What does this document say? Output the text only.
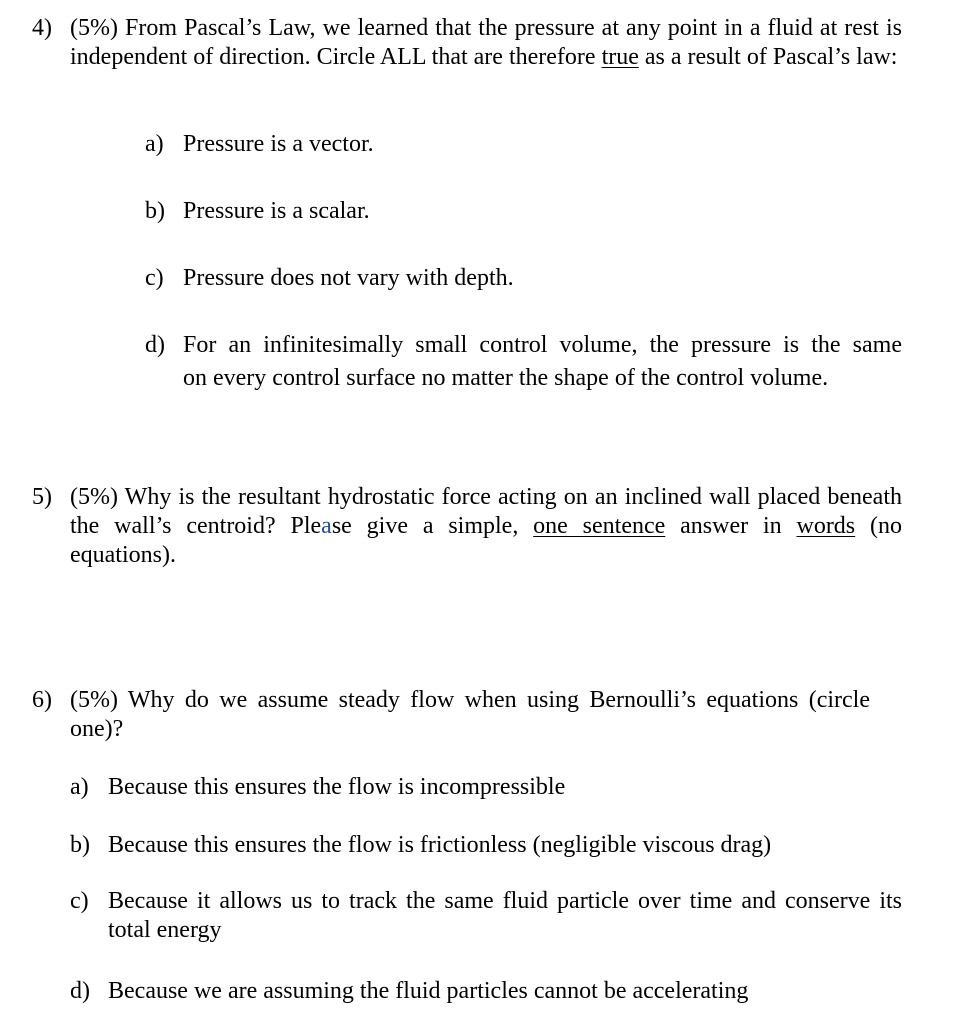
4) (5%) From Pascal’s Law, we learned that the pressure at any point in a fluid at rest is independent of direction. Circle ALL that are therefore true as a result of Pascal’s law:
a) Pressure is a vector.
b) Pressure is a scalar.
c) Pressure does not vary with depth.
d) For an infinitesimally small control volume, the pressure is the same
on every control surface no matter the shape of the control volume.
5) (5%) Why is the resultant hydrostatic force acting on an inclined wall placed beneath the wall’s centroid? Please give a simple, one sentence answer in words (no equations).
6) (5%) Why do we assume steady flow when using Bernoulli’s equations (circle one)?
a) Because this ensures the flow is incompressible
b) Because this ensures the flow is frictionless (negligible viscous drag)
c) Because it allows us to track the same fluid particle over time and conserve its
total energy
d) Because we are assuming the fluid particles cannot be accelerating
